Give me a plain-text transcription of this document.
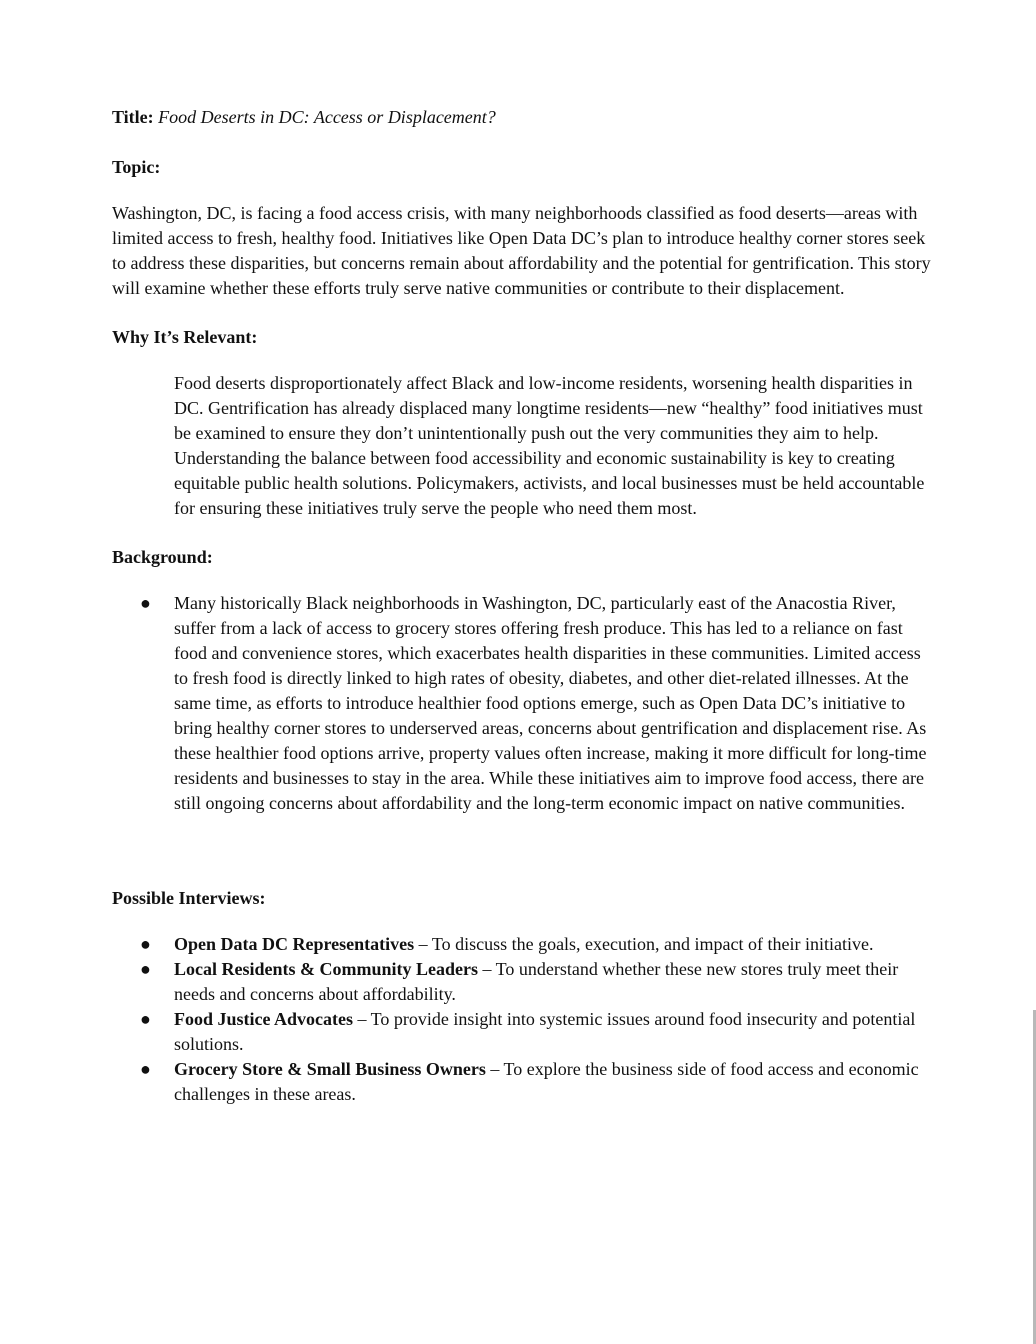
Title: Food Deserts in DC: Access or Displacement?

Topic:

Washington, DC, is facing a food access crisis, with many neighborhoods classified as food deserts—areas with limited access to fresh, healthy food. Initiatives like Open Data DC’s plan to introduce healthy corner stores seek to address these disparities, but concerns remain about affordability and the potential for gentrification. This story will examine whether these efforts truly serve native communities or contribute to their displacement.

Why It’s Relevant:

Food deserts disproportionately affect Black and low-income residents, worsening health disparities in DC. Gentrification has already displaced many longtime residents—new “healthy” food initiatives must be examined to ensure they don’t unintentionally push out the very communities they aim to help. Understanding the balance between food accessibility and economic sustainability is key to creating equitable public health solutions. Policymakers, activists, and local businesses must be held accountable for ensuring these initiatives truly serve the people who need them most.

Background:

● Many historically Black neighborhoods in Washington, DC, particularly east of the Anacostia River, suffer from a lack of access to grocery stores offering fresh produce. This has led to a reliance on fast food and convenience stores, which exacerbates health disparities in these communities. Limited access to fresh food is directly linked to high rates of obesity, diabetes, and other diet-related illnesses. At the same time, as efforts to introduce healthier food options emerge, such as Open Data DC’s initiative to bring healthy corner stores to underserved areas, concerns about gentrification and displacement rise. As these healthier food options arrive, property values often increase, making it more difficult for long-time residents and businesses to stay in the area. While these initiatives aim to improve food access, there are still ongoing concerns about affordability and the long-term economic impact on native communities.

Possible Interviews:

● Open Data DC Representatives – To discuss the goals, execution, and impact of their initiative.
● Local Residents & Community Leaders – To understand whether these new stores truly meet their needs and concerns about affordability.
● Food Justice Advocates – To provide insight into systemic issues around food insecurity and potential solutions.
● Grocery Store & Small Business Owners – To explore the business side of food access and economic challenges in these areas.
